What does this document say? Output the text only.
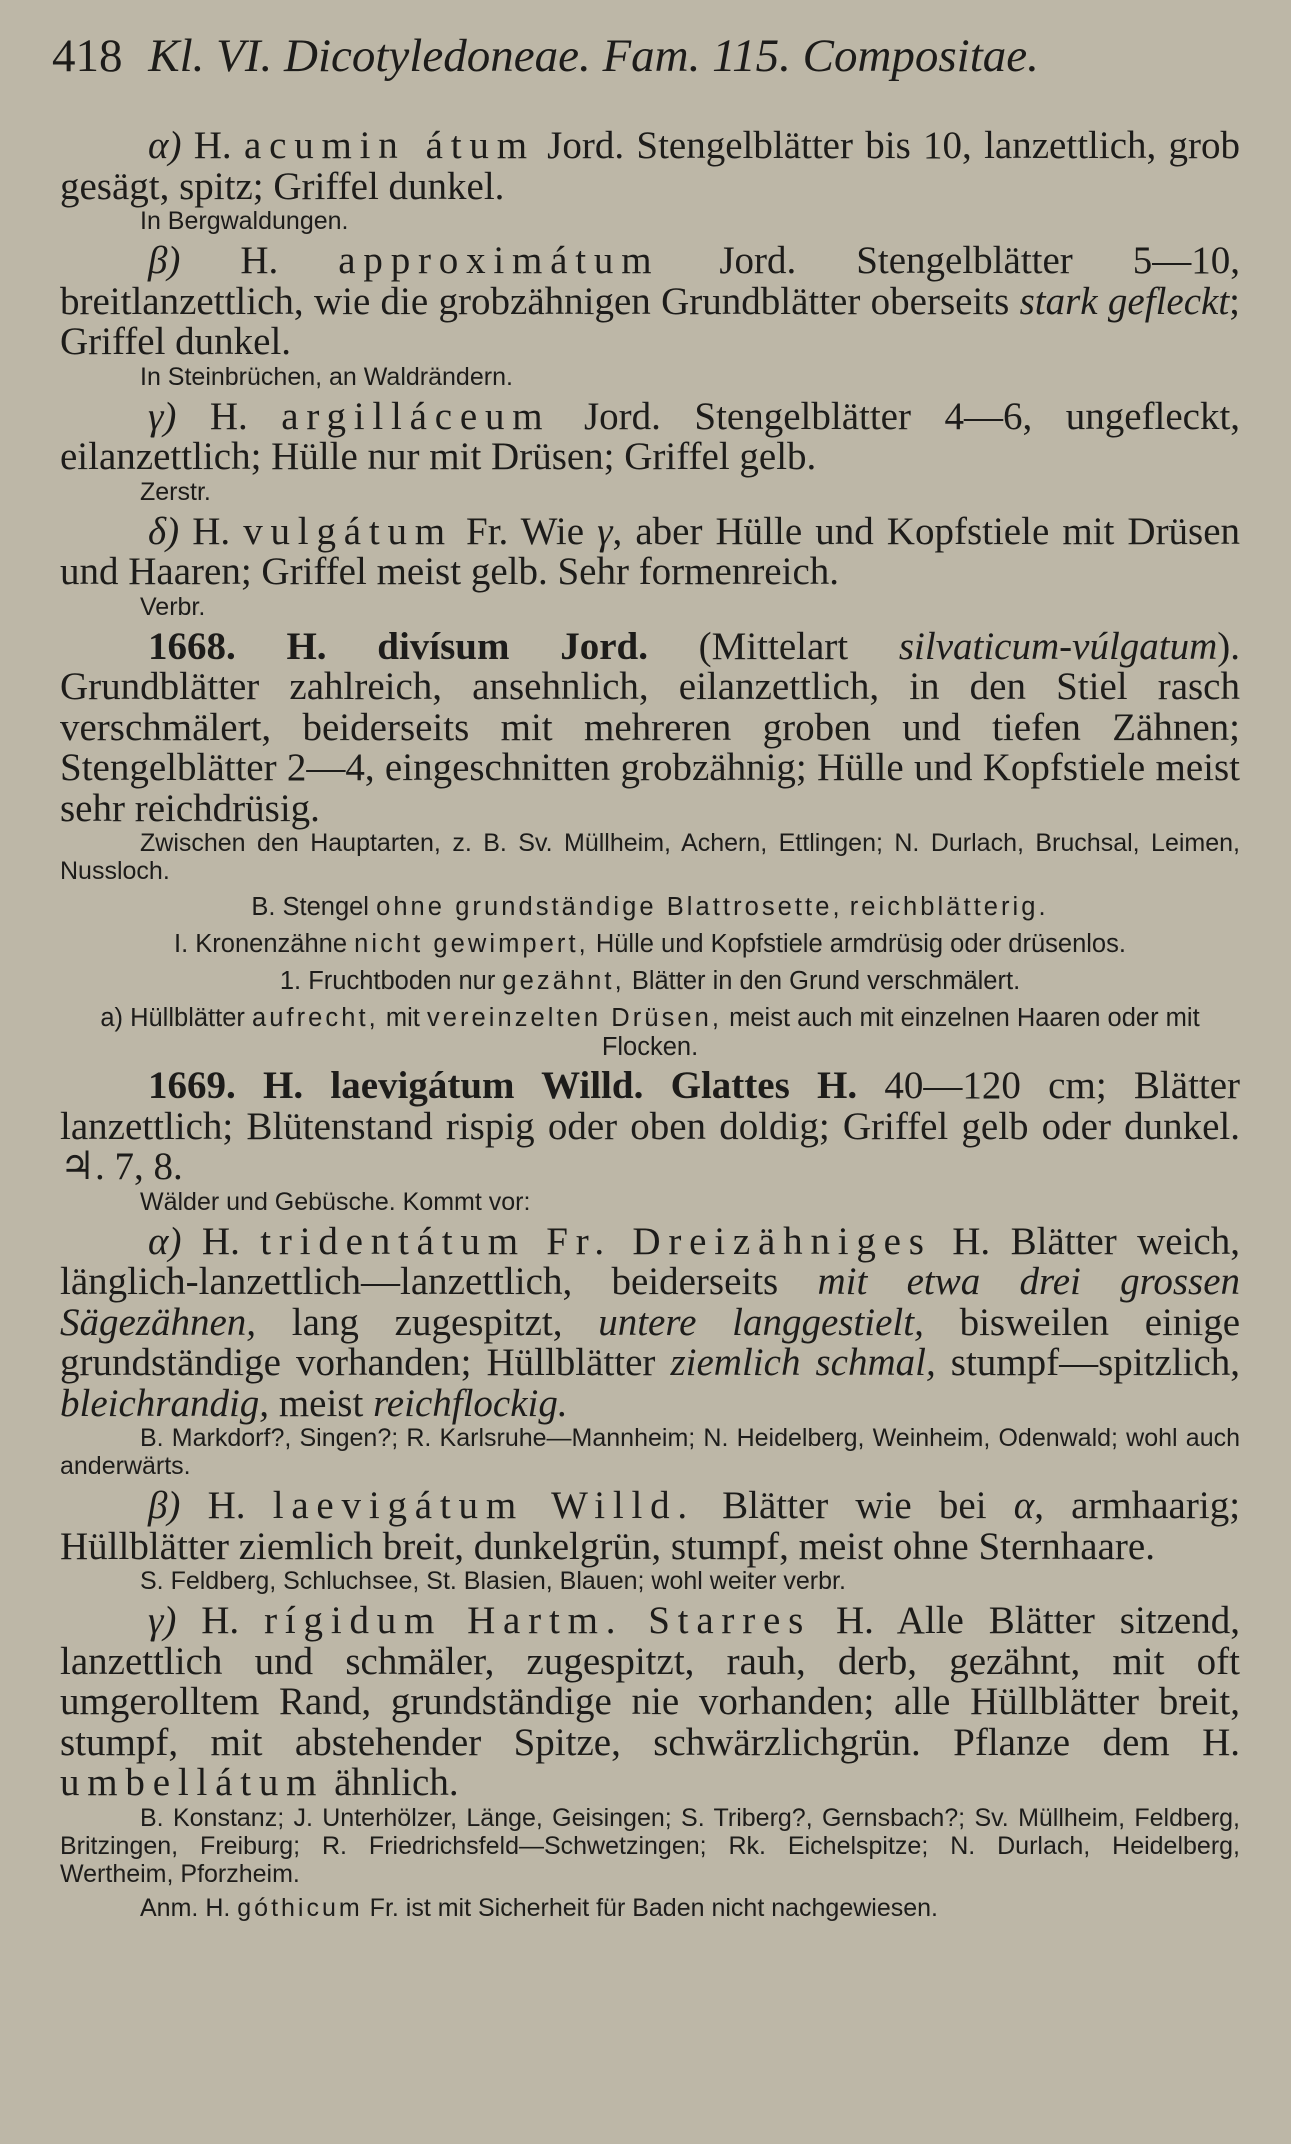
418 Kl. VI. Dicotyledoneae. Fam. 115. Compositae.

α) H. acumin átum Jord. Stengelblätter bis 10, lanzettlich, grob gesägt, spitz; Griffel dunkel.

In Bergwaldungen.

β) H. approximátum Jord. Stengelblätter 5—10, breitlanzettlich, wie die grobzähnigen Grundblätter oberseits stark gefleckt; Griffel dunkel.

In Steinbrüchen, an Waldrändern.

γ) H. argilláceum Jord. Stengelblätter 4—6, ungefleckt, eilanzettlich; Hülle nur mit Drüsen; Griffel gelb.

Zerstr.

δ) H. vulgátum Fr. Wie γ, aber Hülle und Kopfstiele mit Drüsen und Haaren; Griffel meist gelb. Sehr formenreich.

Verbr.

1668. H. divísum Jord. (Mittelart silvaticum-vúlgatum). Grundblätter zahlreich, ansehnlich, eilanzettlich, in den Stiel rasch verschmälert, beiderseits mit mehreren groben und tiefen Zähnen; Stengelblätter 2—4, eingeschnitten grobzähnig; Hülle und Kopfstiele meist sehr reichdrüsig.

Zwischen den Hauptarten, z. B. Sv. Müllheim, Achern, Ettlingen; N. Durlach, Bruchsal, Leimen, Nussloch.

B. Stengel ohne grundständige Blattrosette, reichblätterig.

I. Kronenzähne nicht gewimpert, Hülle und Kopfstiele armdrüsig oder drüsenlos.

1. Fruchtboden nur gezähnt, Blätter in den Grund verschmälert.

a) Hüllblätter aufrecht, mit vereinzelten Drüsen, meist auch mit einzelnen Haaren oder mit Flocken.

1669. H. laevigátum Willd. Glattes H. 40—120 cm; Blätter lanzettlich; Blütenstand rispig oder oben doldig; Griffel gelb oder dunkel. ♃. 7, 8.

Wälder und Gebüsche. Kommt vor:

α) H. tridentátum Fr. Dreizähniges H. Blätter weich, länglich-lanzettlich—lanzettlich, beiderseits mit etwa drei grossen Sägezähnen, lang zugespitzt, untere langgestielt, bisweilen einige grundständige vorhanden; Hüllblätter ziemlich schmal, stumpf—spitzlich, bleichrandig, meist reichflockig.

B. Markdorf?, Singen?; R. Karlsruhe—Mannheim; N. Heidelberg, Weinheim, Odenwald; wohl auch anderwärts.

β) H. laevigátum Willd. Blätter wie bei α, armhaarig; Hüllblätter ziemlich breit, dunkelgrün, stumpf, meist ohne Sternhaare.

S. Feldberg, Schluchsee, St. Blasien, Blauen; wohl weiter verbr.

γ) H. rígidum Hartm. Starres H. Alle Blätter sitzend, lanzettlich und schmäler, zugespitzt, rauh, derb, gezähnt, mit oft umgerolltem Rand, grundständige nie vorhanden; alle Hüllblätter breit, stumpf, mit abstehender Spitze, schwärzlichgrün. Pflanze dem H. umbellátum ähnlich.

B. Konstanz; J. Unterhölzer, Länge, Geisingen; S. Triberg?, Gernsbach?; Sv. Müllheim, Feldberg, Britzingen, Freiburg; R. Friedrichsfeld—Schwetzingen; Rk. Eichelspitze; N. Durlach, Heidelberg, Wertheim, Pforzheim.

Anm. H. góthicum Fr. ist mit Sicherheit für Baden nicht nachgewiesen.
